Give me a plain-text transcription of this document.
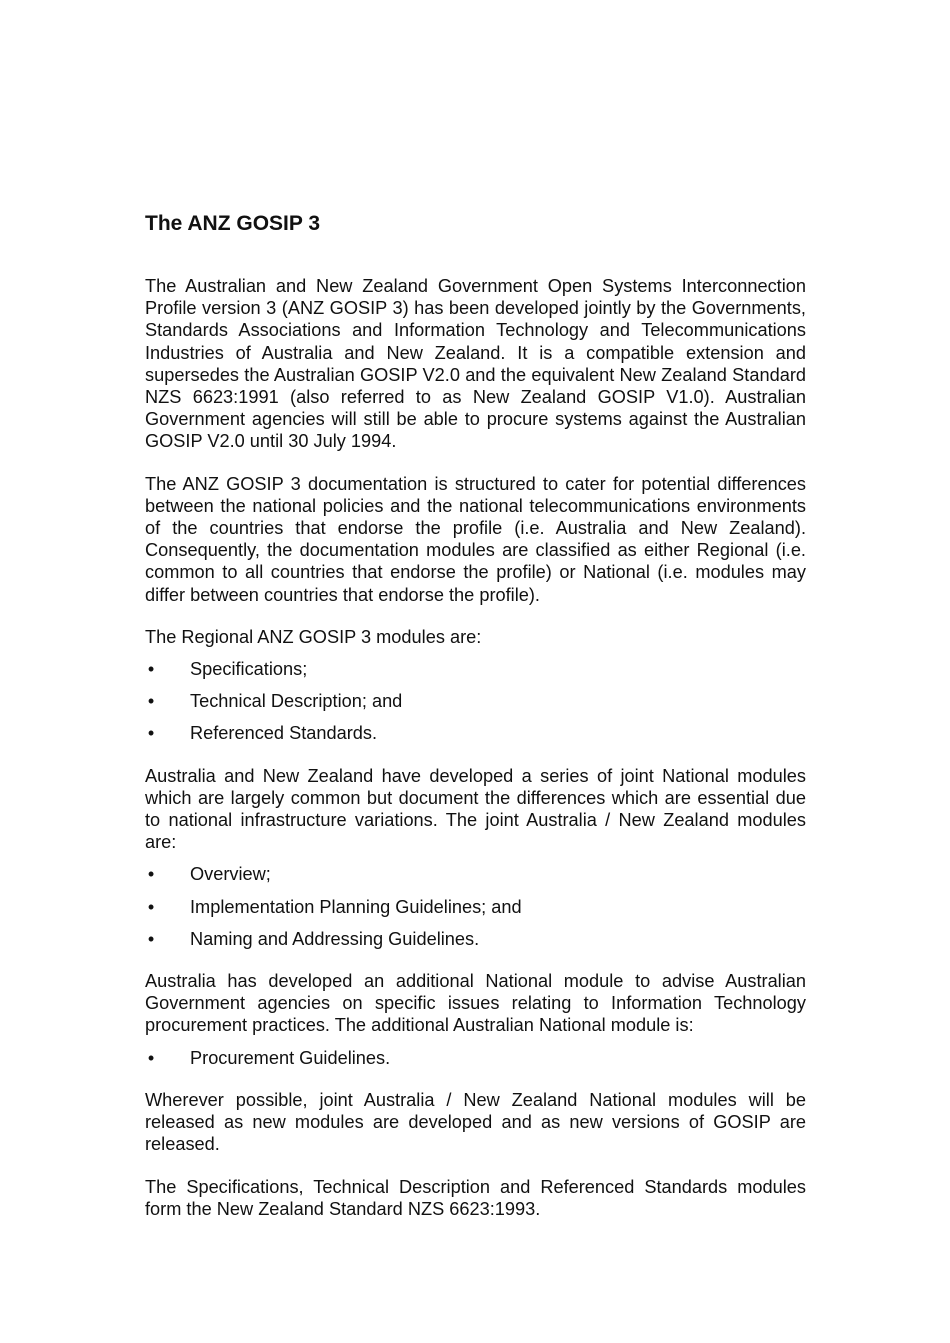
The ANZ GOSIP 3

The Australian and New Zealand Government Open Systems Interconnection Profile version 3 (ANZ GOSIP 3) has been developed jointly by the Governments, Standards Associations and Information Technology and Telecommunications Industries of Australia and New Zealand. It is a compatible extension and supersedes the Australian GOSIP V2.0 and the equivalent New Zealand Standard NZS 6623:1991 (also referred to as New Zealand GOSIP V1.0). Australian Government agencies will still be able to procure systems against the Australian GOSIP V2.0 until 30 July 1994.

The ANZ GOSIP 3 documentation is structured to cater for potential differences between the national policies and the national telecommunications environments of the countries that endorse the profile (i.e. Australia and New Zealand). Consequently, the documentation modules are classified as either Regional (i.e. common to all countries that endorse the profile) or National (i.e. modules may differ between countries that endorse the profile).

The Regional ANZ GOSIP 3 modules are:

• Specifications;
• Technical Description; and
• Referenced Standards.

Australia and New Zealand have developed a series of joint National modules which are largely common but document the differences which are essential due to national infrastructure variations. The joint Australia / New Zealand modules are:

• Overview;
• Implementation Planning Guidelines; and
• Naming and Addressing Guidelines.

Australia has developed an additional National module to advise Australian Government agencies on specific issues relating to Information Technology procurement practices. The additional Australian National module is:

• Procurement Guidelines.

Wherever possible, joint Australia / New Zealand National modules will be released as new modules are developed and as new versions of GOSIP are released.

The Specifications, Technical Description and Referenced Standards modules form the New Zealand Standard NZS 6623:1993.
